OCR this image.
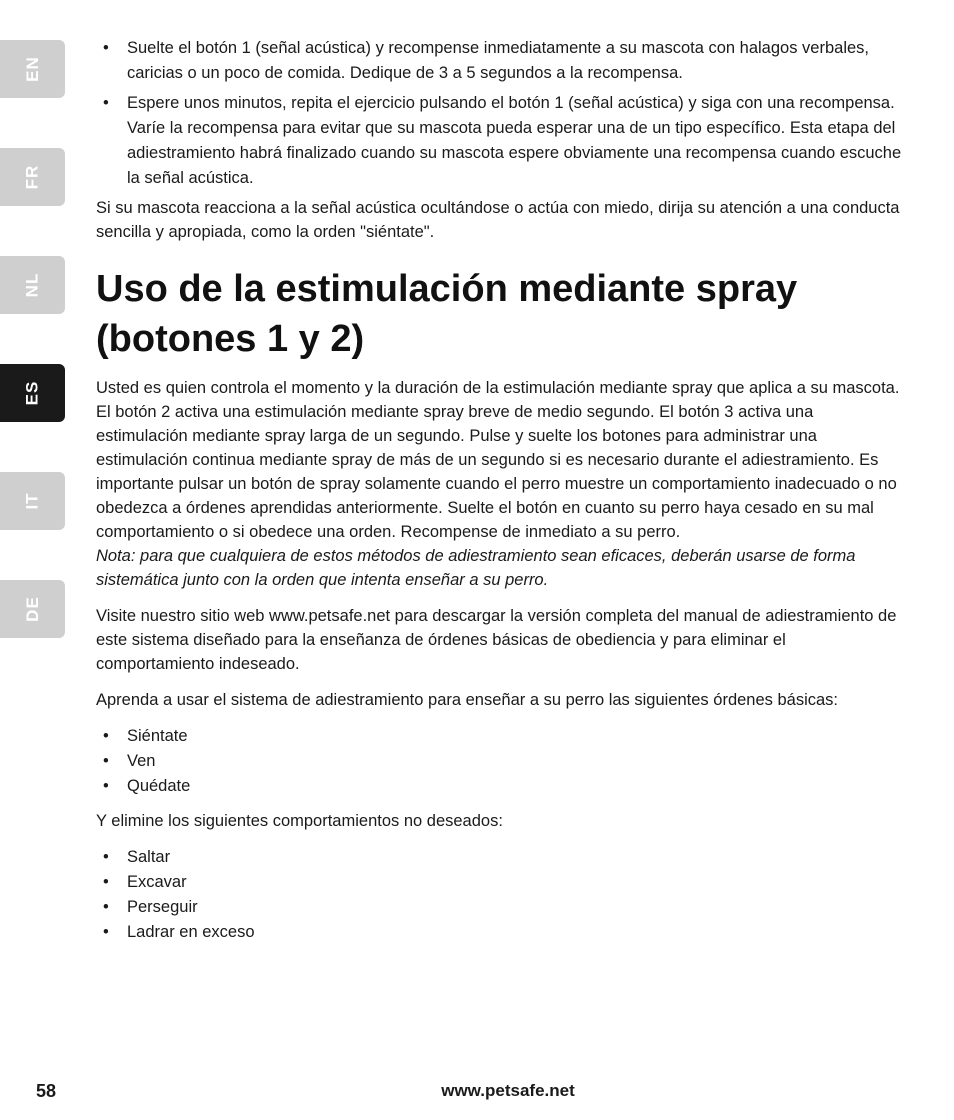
EN
FR
NL
ES
IT
DE
• Suelte el botón 1 (señal acústica) y recompense inmediatamente a su mascota con halagos verbales, caricias o un poco de comida. Dedique de 3 a 5 segundos a la recompensa.
• Espere unos minutos, repita el ejercicio pulsando el botón 1 (señal acústica) y siga con una recompensa. Varíe la recompensa para evitar que su mascota pueda esperar una de un tipo específico. Esta etapa del adiestramiento habrá finalizado cuando su mascota espere obviamente una recompensa cuando escuche la señal acústica.

Si su mascota reacciona a la señal acústica ocultándose o actúa con miedo, dirija su atención a una conducta sencilla y apropiada, como la orden "siéntate".

Uso de la estimulación mediante spray
(botones 1 y 2)

Usted es quien controla el momento y la duración de la estimulación mediante spray que aplica a su mascota. El botón 2 activa una estimulación mediante spray breve de medio segundo. El botón 3 activa una estimulación mediante spray larga de un segundo. Pulse y suelte los botones para administrar una estimulación continua mediante spray de más de un segundo si es necesario durante el adiestramiento. Es importante pulsar un botón de spray solamente cuando el perro muestre un comportamiento inadecuado o no obedezca a órdenes aprendidas anteriormente. Suelte el botón en cuanto su perro haya cesado en su mal comportamiento o si obedece una orden. Recompense de inmediato a su perro.

Nota: para que cualquiera de estos métodos de adiestramiento sean eficaces, deberán usarse de forma sistemática junto con la orden que intenta enseñar a su perro.

Visite nuestro sitio web www.petsafe.net para descargar la versión completa del manual de adiestramiento de este sistema diseñado para la enseñanza de órdenes básicas de obediencia y para eliminar el comportamiento indeseado.

Aprenda a usar el sistema de adiestramiento para enseñar a su perro las siguientes órdenes básicas:

• Siéntate
• Ven
• Quédate

Y elimine los siguientes comportamientos no deseados:

• Saltar
• Excavar
• Perseguir
• Ladrar en exceso
58	www.petsafe.net
